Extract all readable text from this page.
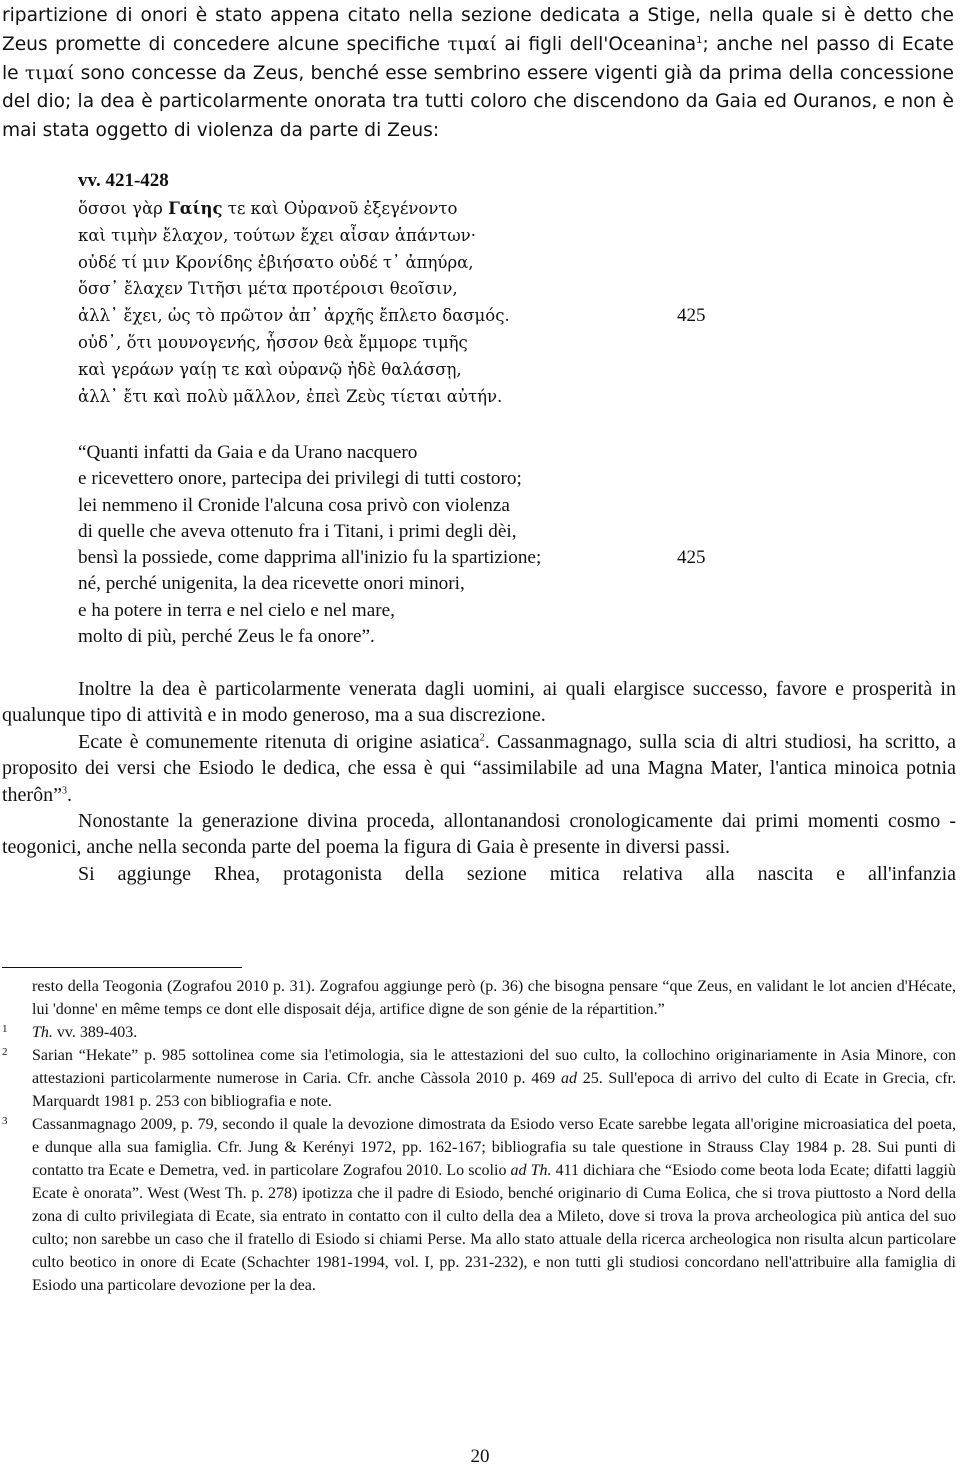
ripartizione di onori è stato appena citato nella sezione dedicata a Stige, nella quale si è detto che Zeus promette di concedere alcune specifiche τιμαί ai figli dell'Oceanina$^1$; anche nel passo di Ecate le τιμαί sono concesse da Zeus, benché esse sembrino essere vigenti già da prima della concessione del dio; la dea è particolarmente onorata tra tutti coloro che discendono da Gaia ed Ouranos, e non è mai stata oggetto di violenza da parte di Zeus:
vv. 421-428
ὅσσοι γὰρ Γαίης τε καὶ Οὐρανοῦ ἐξεγένοντο
καὶ τιμὴν ἔλαχον, τούτων ἔχει αἶσαν ἁπάντων·
οὐδέ τί μιν Κρονίδης ἐβιήσατο οὐδέ τ᾽ ἀπηύρα,
ὅσσ᾽ ἔλαχεν Τιτῆσι μέτα προτέροισι θεοῖσιν,
ἀλλ᾽ ἔχει, ὡς τὸ πρῶτον ἀπ᾽ ἀρχῆς ἔπλετο δασμός.	425
οὐδ᾽, ὅτι μουνογενής, ἧσσον θεὰ ἔμμορε τιμῆς
καὶ γεράων γαίῃ τε καὶ οὐρανῷ ἠδὲ θαλάσσῃ,
ἀλλ᾽ ἔτι καὶ πολὺ μᾶλλον, ἐπεὶ Ζεὺς τίεται αὐτήν.
“Quanti infatti da Gaia e da Urano nacquero
e ricevettero onore, partecipa dei privilegi di tutti costoro;
lei nemmeno il Cronide l'alcuna cosa privò con violenza
di quelle che aveva ottenuto fra i Titani, i primi degli dèi,
bensì la possiede, come dapprima all'inizio fu la spartizione;	425
né, perché unigenita, la dea ricevette onori minori,
e ha potere in terra e nel cielo e nel mare,
molto di più, perché Zeus le fa onore”.

Inoltre la dea è particolarmente venerata dagli uomini, ai quali elargisce successo, favore e prosperità in qualunque tipo di attività e in modo generoso, ma a sua discrezione.

Ecate è comunemente ritenuta di origine asiatica$^2$. Cassanmagnago, sulla scia di altri studiosi, ha scritto, a proposito dei versi che Esiodo le dedica, che essa è qui “assimilabile ad una Magna Mater, l'antica minoica potnia therôn”$^3$.

Nonostante la generazione divina proceda, allontanandosi cronologicamente dai primi momenti cosmo - teogonici, anche nella seconda parte del poema la figura di Gaia è presente in diversi passi.

Si aggiunge Rhea, protagonista della sezione mitica relativa alla nascita e all'infanzia

resto della Teogonia (Zografou 2010 p. 31). Zografou aggiunge però (p. 36) che bisogna pensare “que Zeus, en validant le lot ancien d'Hécate, lui 'donne' en même temps ce dont elle disposait déja, artifice digne de son génie de la répartition.”
1 Th. vv. 389-403.
2 Sarian “Hekate” p. 985 sottolinea come sia l'etimologia, sia le attestazioni del suo culto, la collochino originariamente in Asia Minore, con attestazioni particolarmente numerose in Caria. Cfr. anche Càssola 2010 p. 469 ad 25. Sull'epoca di arrivo del culto di Ecate in Grecia, cfr. Marquardt 1981 p. 253 con bibliografia e note.
3 Cassanmagnago 2009, p. 79, secondo il quale la devozione dimostrata da Esiodo verso Ecate sarebbe legata all'origine microasiatica del poeta, e dunque alla sua famiglia. Cfr. Jung & Kerényi 1972, pp. 162-167; bibliografia su tale questione in Strauss Clay 1984 p. 28. Sui punti di contatto tra Ecate e Demetra, ved. in particolare Zografou 2010. Lo scolio ad Th. 411 dichiara che “Esiodo come beota loda Ecate; difatti laggiù Ecate è onorata”. West (West Th. p. 278) ipotizza che il padre di Esiodo, benché originario di Cuma Eolica, che si trova piuttosto a Nord della zona di culto privilegiata di Ecate, sia entrato in contatto con il culto della dea a Mileto, dove si trova la prova archeologica più antica del suo culto; non sarebbe un caso che il fratello di Esiodo si chiami Perse. Ma allo stato attuale della ricerca archeologica non risulta alcun particolare culto beotico in onore di Ecate (Schachter 1981-1994, vol. I, pp. 231-232), e non tutti gli studiosi concordano nell'attribuire alla famiglia di Esiodo una particolare devozione per la dea.
20
